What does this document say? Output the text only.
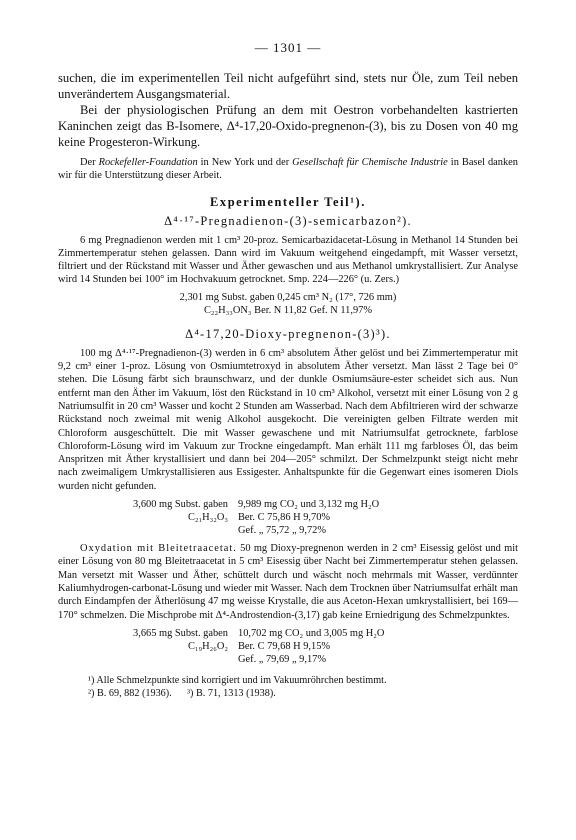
— 1301 —

suchen, die im experimentellen Teil nicht aufgeführt sind, stets nur Öle, zum Teil neben unverändertem Ausgangsmaterial.

Bei der physiologischen Prüfung an dem mit Oestron vorbehandelten kastrierten Kaninchen zeigt das B-Isomere, Δ⁴-17,20-Oxido-pregnenon-(3), bis zu Dosen von 40 mg keine Progesteron-Wirkung.

Der Rockefeller-Foundation in New York und der Gesellschaft für Chemische Industrie in Basel danken wir für die Unterstützung dieser Arbeit.

Experimenteller Teil¹).
Δ⁴·¹⁷-Pregnadienon-(3)-semicarbazon²).

6 mg Pregnadienon werden mit 1 cm³ 20-proz. Semicarbazidacetat-Lösung in Methanol 14 Stunden bei Zimmertemperatur stehen gelassen. Dann wird im Vakuum weitgehend eingedampft, mit Wasser versetzt, filtriert und der Rückstand mit Wasser und Äther gewaschen und aus Methanol umkrystallisiert. Zur Analyse wird 14 Stunden bei 100° im Hochvakuum getrocknet. Smp. 224—226° (u. Zers.)

2,301 mg Subst. gaben 0,245 cm³ N₂ (17°, 726 mm)

C₂₂H₃₃ON₃ Ber. N 11,82 Gef. N 11,97%

Δ⁴-17,20-Dioxy-pregnenon-(3)³).

100 mg Δ⁴·¹⁷-Pregnadienon-(3) werden in 6 cm³ absolutem Äther gelöst und bei Zimmertemperatur mit 9,2 cm³ einer 1-proz. Lösung von Osmiumtetroxyd in absolutem Äther versetzt. Man lässt 2 Tage bei 0° stehen. Die Lösung färbt sich braunschwarz, und der dunkle Osmiumsäure-ester scheidet sich aus. Nun entfernt man den Äther im Vakuum, löst den Rückstand in 10 cm³ Alkohol, versetzt mit einer Lösung von 2 g Natriumsulfit in 20 cm³ Wasser und kocht 2 Stunden am Wasserbad. Nach dem Abfiltrieren wird der schwarze Rückstand noch zweimal mit wenig Alkohol ausgekocht. Die vereinigten gelben Filtrate werden mit Chloroform ausgeschüttelt. Die mit Wasser gewaschene und mit Natriumsulfat getrocknete, farblose Chloroform-Lösung wird im Vakuum zur Trockne eingedampft. Man erhält 111 mg farbloses Öl, das beim Anspritzen mit Äther krystallisiert und dann bei 204—205° schmilzt. Der Schmelzpunkt steigt nicht mehr nach zweimaligem Umkrystallisieren aus Essigester. Anhaltspunkte für die Gegenwart eines isomeren Diols wurden nicht gefunden.

3,600 mg Subst. gaben 9,989 mg CO₂ und 3,132 mg H₂O
C₂₁H₃₂O₃ Ber. C 75,86 H 9,70%
Gef. „ 75,72 „ 9,72%

Oxydation mit Bleitetraacetat. 50 mg Dioxy-pregnenon werden in 2 cm³ Eisessig gelöst und mit einer Lösung von 80 mg Bleitetraacetat in 5 cm³ Eisessig über Nacht bei Zimmertemperatur stehen gelassen. Man versetzt mit Wasser und Äther, schüttelt durch und wäscht noch mehrmals mit Wasser, verdünnter Kaliumhydrogen-carbonat-Lösung und wieder mit Wasser. Nach dem Trocknen über Natriumsulfat erhält man durch Eindampfen der Ätherlösung 47 mg weisse Krystalle, die aus Aceton-Hexan umkrystallisiert, bei 169—170° schmelzen. Die Mischprobe mit Δ⁴-Androstendion-(3,17) gab keine Erniedrigung des Schmelzpunktes.

3,665 mg Subst. gaben 10,702 mg CO₂ und 3,005 mg H₂O
C₁₉H₂₆O₂ Ber. C 79,68 H 9,15%
Gef. „ 79,69 „ 9,17%

¹) Alle Schmelzpunkte sind korrigiert und im Vakuumröhrchen bestimmt.

²) B. 69, 882 (1936).      ³) B. 71, 1313 (1938).
